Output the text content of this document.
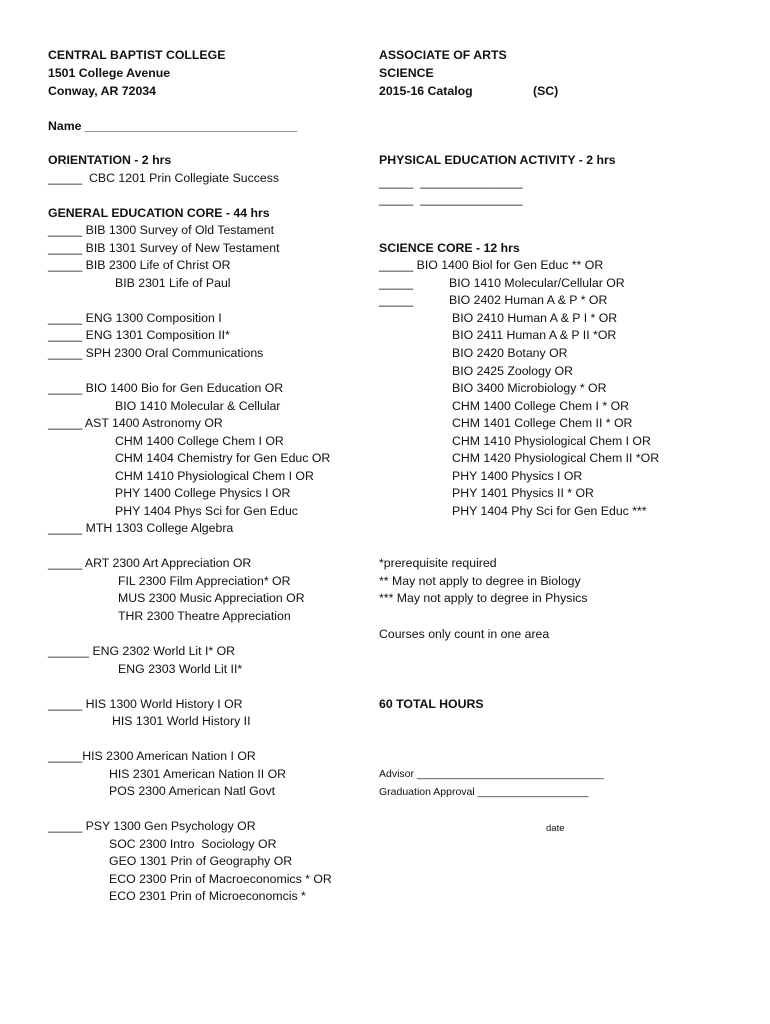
CENTRAL BAPTIST COLLEGE
1501 College Avenue
Conway, AR 72034
ASSOCIATE OF ARTS
SCIENCE
2015-16 Catalog	(SC)
Name _______________________________
ORIENTATION - 2 hrs
_____  CBC 1201 Prin Collegiate Success
GENERAL EDUCATION CORE - 44 hrs
_____ BIB 1300 Survey of Old Testament
_____ BIB 1301 Survey of New Testament
_____ BIB 2300 Life of Christ OR
BIB 2301 Life of Paul
_____ ENG 1300 Composition I
_____ ENG 1301 Composition II*
_____ SPH 2300 Oral Communications
_____ BIO 1400 Bio for Gen Education OR
BIO 1410 Molecular & Cellular
_____ AST 1400 Astronomy OR
CHM 1400 College Chem I OR
CHM 1404 Chemistry for Gen Educ OR
CHM 1410 Physiological Chem I OR
PHY 1400 College Physics I OR
PHY 1404 Phys Sci for Gen Educ
_____ MTH 1303 College Algebra
_____ ART 2300 Art Appreciation OR
FIL 2300 Film Appreciation* OR
MUS 2300 Music Appreciation OR
THR 2300 Theatre Appreciation
______ ENG 2302 World Lit I* OR
ENG 2303 World Lit II*
_____ HIS 1300 World History I OR
HIS 1301 World History II
_____HIS 2300 American Nation I OR
HIS 2301 American Nation II OR
POS 2300 American Natl Govt
_____ PSY 1300 Gen Psychology OR
SOC 2300 Intro  Sociology OR
GEO 1301 Prin of Geography OR
ECO 2300 Prin of Macroeconomics * OR
ECO 2301 Prin of Microeconomcis *
PHYSICAL EDUCATION ACTIVITY - 2 hrs
_____  _______________
_____  _______________
SCIENCE CORE - 12 hrs
_____ BIO 1400 Biol for Gen Educ ** OR
_____
_____
BIO 1410 Molecular/Cellular OR
BIO 2402 Human A & P * OR
BIO 2410 Human A & P I * OR
BIO 2411 Human A & P II *OR
BIO 2420 Botany OR
BIO 2425 Zoology OR
BIO 3400 Microbiology * OR
CHM 1400 College Chem I * OR
CHM 1401 College Chem II * OR
CHM 1410 Physiological Chem I OR
CHM 1420 Physiological Chem II *OR
PHY 1400 Physics I OR
PHY 1401 Physics II * OR
PHY 1404 Phy Sci for Gen Educ ***
*prerequisite required
** May not apply to degree in Biology
*** May not apply to degree in Physics
Courses only count in one area
60 TOTAL HOURS
Advisor ________________________________
Graduation Approval ___________________
date
